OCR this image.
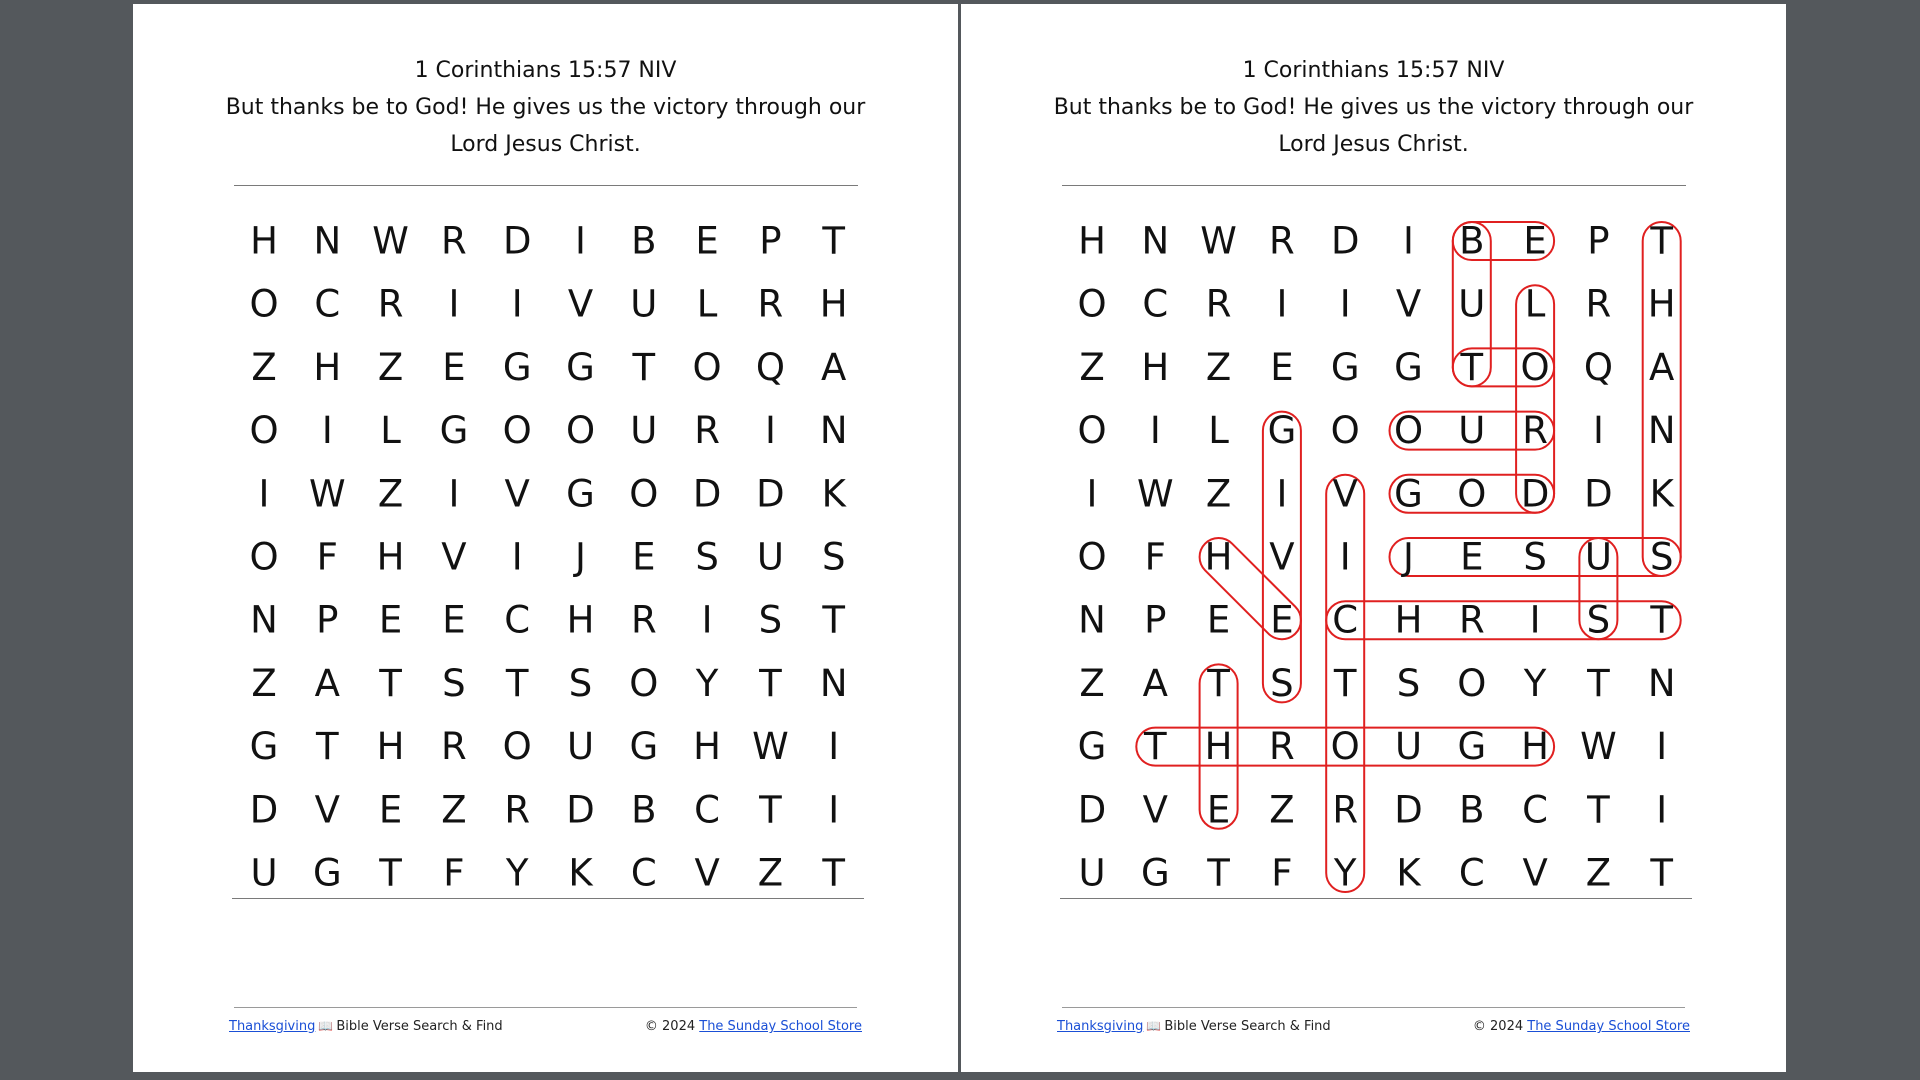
1 Corinthians 15:57 NIV
But thanks be to God! He gives us the victory through our
Lord Jesus Christ.
H N W R D I B E P T
O C R I I V U L R H
Z H Z E G G T O Q A
O I L G O O U R I N
I W Z I V G O D D K
O F H V I J E S U S
N P E E C H R I S T
Z A T S T S O Y T N
G T H R O U G H W I
D V E Z R D B C T I
U G T F Y K C V Z T
Thanksgiving 📖 Bible Verse Search & Find	© 2024 The Sunday School Store
1 Corinthians 15:57 NIV
But thanks be to God! He gives us the victory through our
Lord Jesus Christ.
H N W R D I B E P T
O C R I I V U L R H
Z H Z E G G T O Q A
O I L G O O U R I N
I W Z I V G O D D K
O F H V I J E S U S
N P E E C H R I S T
Z A T S T S O Y T N
G T H R O U G H W I
D V E Z R D B C T I
U G T F Y K C V Z T
Thanksgiving 📖 Bible Verse Search & Find	© 2024 The Sunday School Store
